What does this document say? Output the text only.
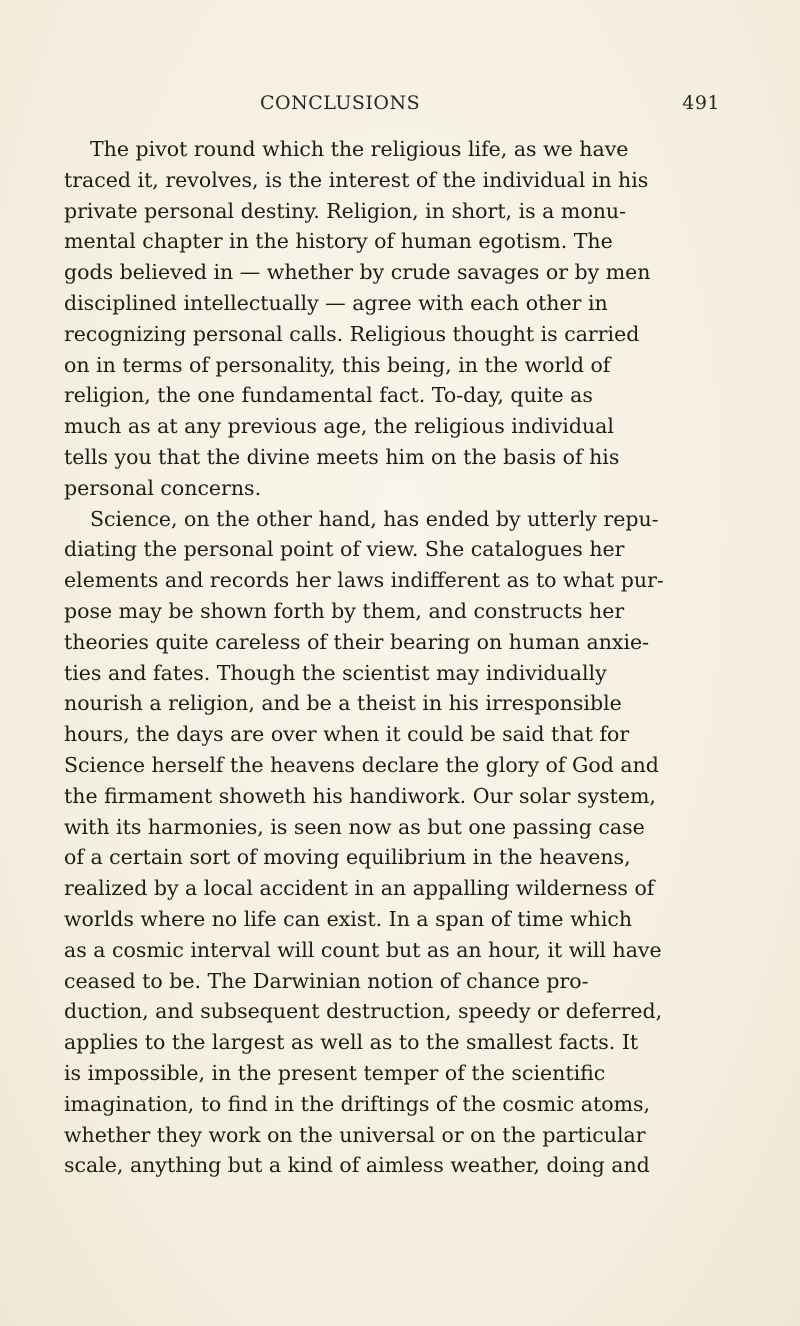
CONCLUSIONS	491

The pivot round which the religious life, as we have
traced it, revolves, is the interest of the individual in his
private personal destiny. Religion, in short, is a monu-
mental chapter in the history of human egotism. The
gods believed in — whether by crude savages or by men
disciplined intellectually — agree with each other in
recognizing personal calls. Religious thought is carried
on in terms of personality, this being, in the world of
religion, the one fundamental fact. To-day, quite as
much as at any previous age, the religious individual
tells you that the divine meets him on the basis of his
personal concerns.

Science, on the other hand, has ended by utterly repu-
diating the personal point of view. She catalogues her
elements and records her laws indifferent as to what pur-
pose may be shown forth by them, and constructs her
theories quite careless of their bearing on human anxie-
ties and fates. Though the scientist may individually
nourish a religion, and be a theist in his irresponsible
hours, the days are over when it could be said that for
Science herself the heavens declare the glory of God and
the firmament showeth his handiwork. Our solar system,
with its harmonies, is seen now as but one passing case
of a certain sort of moving equilibrium in the heavens,
realized by a local accident in an appalling wilderness of
worlds where no life can exist. In a span of time which
as a cosmic interval will count but as an hour, it will have
ceased to be. The Darwinian notion of chance pro-
duction, and subsequent destruction, speedy or deferred,
applies to the largest as well as to the smallest facts. It
is impossible, in the present temper of the scientific
imagination, to find in the driftings of the cosmic atoms,
whether they work on the universal or on the particular
scale, anything but a kind of aimless weather, doing and
